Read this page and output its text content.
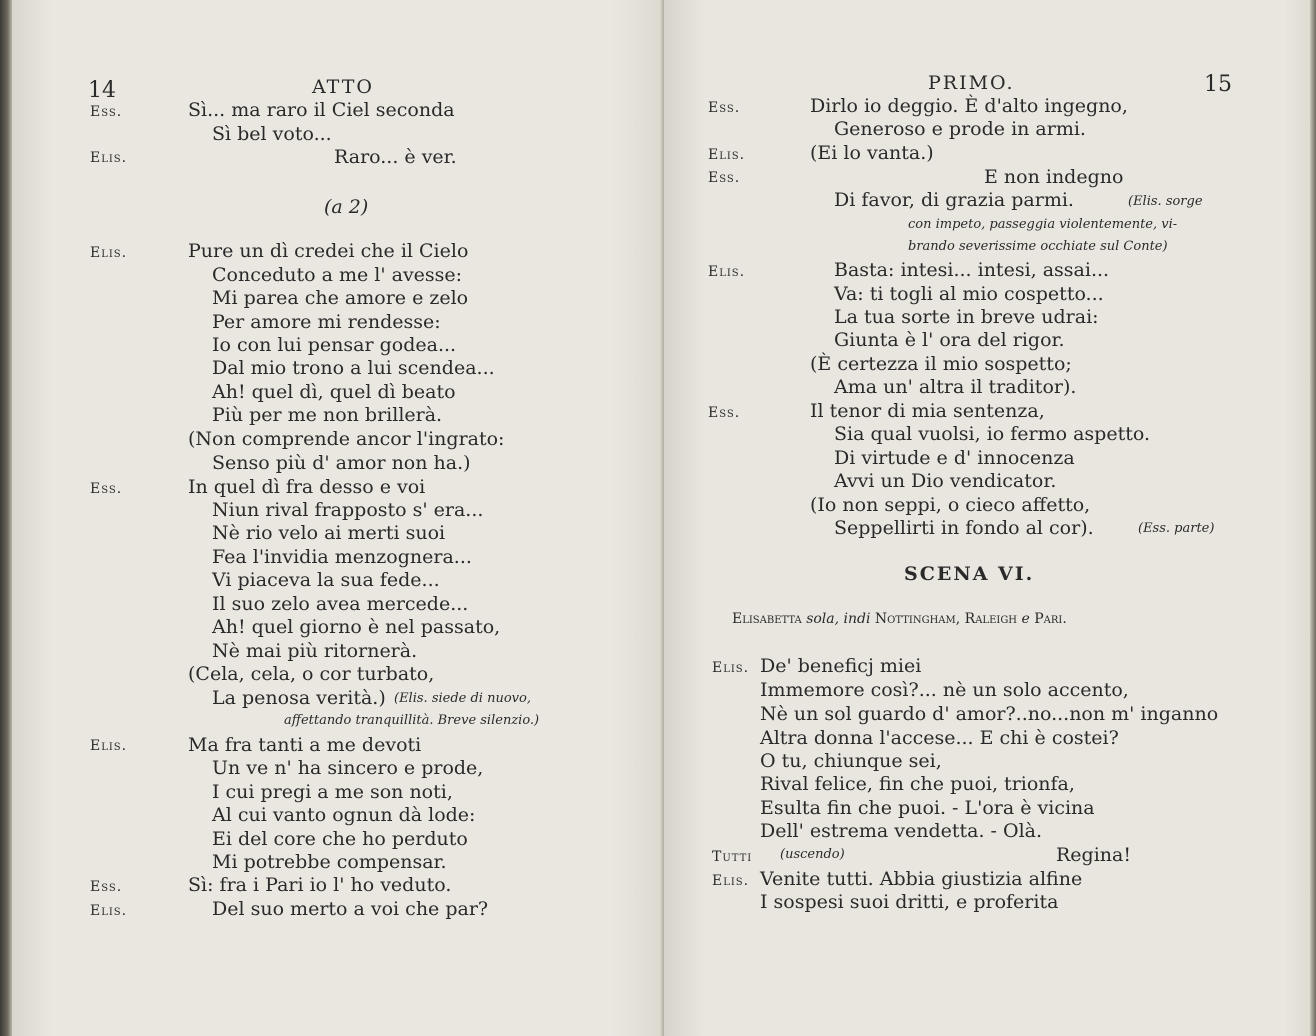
14	ATTO
Ess.	Sì... ma raro il Ciel seconda
Sì bel voto...
Elis.	Raro... è ver.
(a 2)
Elis.	Pure un dì credei che il Cielo
Conceduto a me l' avesse:
Mi parea che amore e zelo
Per amore mi rendesse:
Io con lui pensar godea...
Dal mio trono a lui scendea...
Ah! quel dì, quel dì beato
Più per me non brillerà.
(Non comprende ancor l'ingrato:
Senso più d' amor non ha.)
Ess.	In quel dì fra desso e voi
Niun rival frapposto s' era...
Nè rio velo ai merti suoi
Fea l'invidia menzognera...
Vi piaceva la sua fede...
Il suo zelo avea mercede...
Ah! quel giorno è nel passato,
Nè mai più ritornerà.
(Cela, cela, o cor turbato,
La penosa verità.) (Elis. siede di nuovo,
affettando tranquillità. Breve silenzio.)
Elis.	Ma fra tanti a me devoti
Un ve n' ha sincero e prode,
I cui pregi a me son noti,
Al cui vanto ognun dà lode:
Ei del core che ho perduto
Mi potrebbe compensar.
Ess.	Sì: fra i Pari io l' ho veduto.
Elis.	Del suo merto a voi che par?
PRIMO.	15
Ess.	Dirlo io deggio. È d'alto ingegno,
Generoso e prode in armi.
Elis.	(Ei lo vanta.)
Ess.	E non indegno
Di favor, di grazia parmi.	(Elis. sorge
con impeto, passeggia violentemente, vi-
brando severissime occhiate sul Conte)
Elis.	Basta: intesi... intesi, assai...
Va: ti togli al mio cospetto...
La tua sorte in breve udrai:
Giunta è l' ora del rigor.
(È certezza il mio sospetto;
Ama un' altra il traditor).
Ess.	Il tenor di mia sentenza,
Sia qual vuolsi, io fermo aspetto.
Di virtude e d' innocenza
Avvi un Dio vendicator.
(Io non seppi, o cieco affetto,
Seppellirti in fondo al cor).	(Ess. parte)
SCENA VI.
Elisabetta sola, indi Nottingham, Raleigh e Pari.
Elis. De' beneficj miei
Immemore così?... nè un solo accento,
Nè un sol guardo d' amor?..no...non m' inganno
Altra donna l'accese... E chi è costei?
O tu, chiunque sei,
Rival felice, fin che puoi, trionfa,
Esulta fin che puoi. - L'ora è vicina
Dell' estrema vendetta. - Olà.
Tutti (uscendo)	Regina!
Elis. Venite tutti. Abbia giustizia alfine
I sospesi suoi dritti, e proferita
